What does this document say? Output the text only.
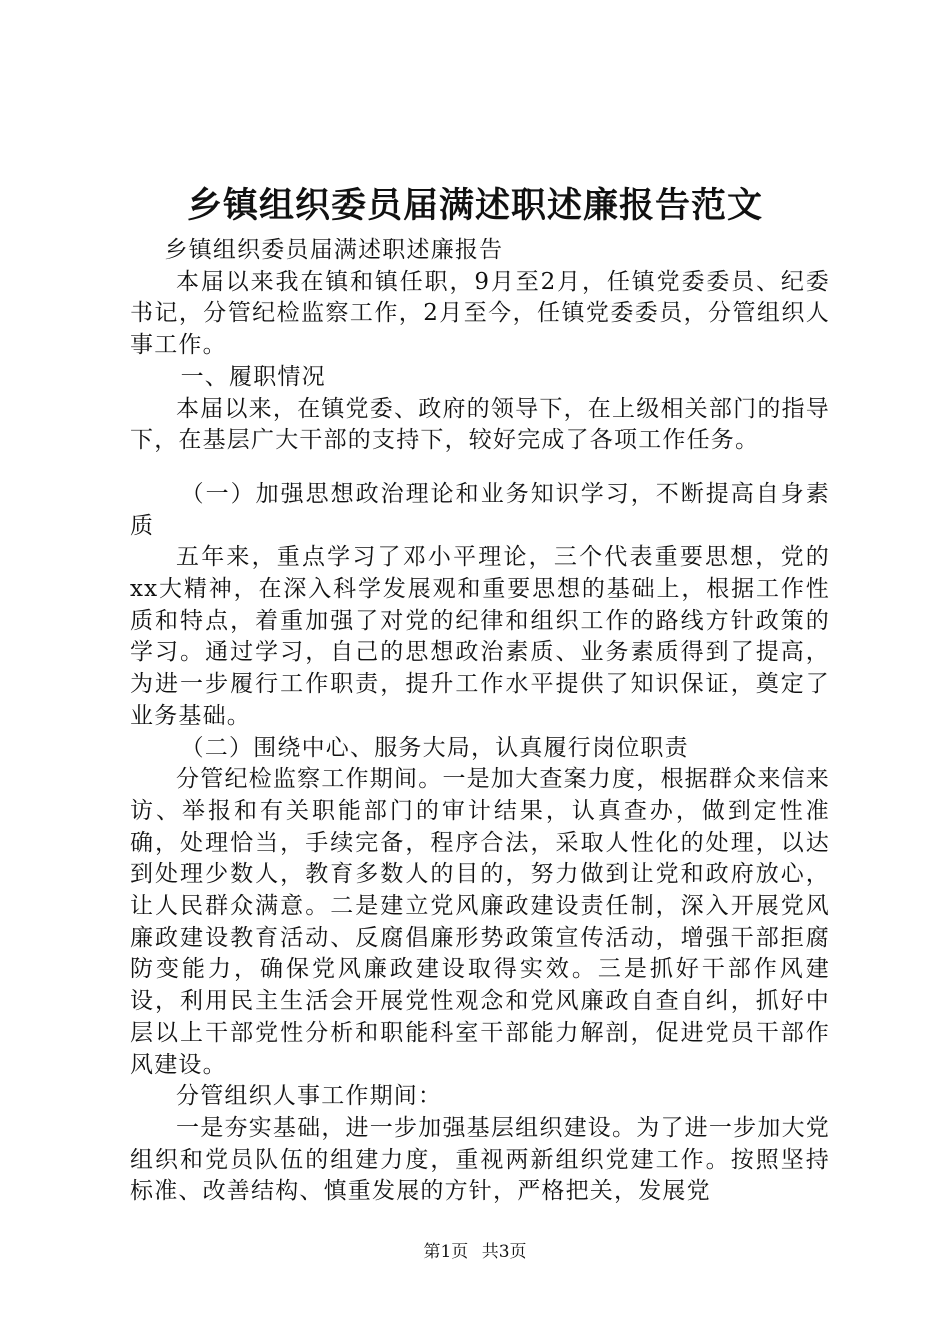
乡镇组织委员届满述职述廉报告范文

乡镇组织委员届满述职述廉报告

本届以来我在镇和镇任职，9月至2月，任镇党委委员、纪委书记，分管纪检监察工作，2月至今，任镇党委委员，分管组织人事工作。

一、履职情况

本届以来，在镇党委、政府的领导下，在上级相关部门的指导下，在基层广大干部的支持下，较好完成了各项工作任务。

（一）加强思想政治理论和业务知识学习，不断提高自身素质

五年来，重点学习了邓小平理论，三个代表重要思想，党的xx大精神，在深入科学发展观和重要思想的基础上，根据工作性质和特点，着重加强了对党的纪律和组织工作的路线方针政策的学习。通过学习，自己的思想政治素质、业务素质得到了提高，为进一步履行工作职责，提升工作水平提供了知识保证，奠定了业务基础。

（二）围绕中心、服务大局，认真履行岗位职责

分管纪检监察工作期间。一是加大查案力度，根据群众来信来访、举报和有关职能部门的审计结果，认真查办，做到定性准确，处理恰当，手续完备，程序合法，采取人性化的处理，以达到处理少数人，教育多数人的目的，努力做到让党和政府放心，让人民群众满意。二是建立党风廉政建设责任制，深入开展党风廉政建设教育活动、反腐倡廉形势政策宣传活动，增强干部拒腐防变能力，确保党风廉政建设取得实效。三是抓好干部作风建设，利用民主生活会开展党性观念和党风廉政自查自纠，抓好中层以上干部党性分析和职能科室干部能力解剖，促进党员干部作风建设。

分管组织人事工作期间：

一是夯实基础，进一步加强基层组织建设。为了进一步加大党组织和党员队伍的组建力度，重视两新组织党建工作。按照坚持标准、改善结构、慎重发展的方针，严格把关，发展党

第1页 共3页
